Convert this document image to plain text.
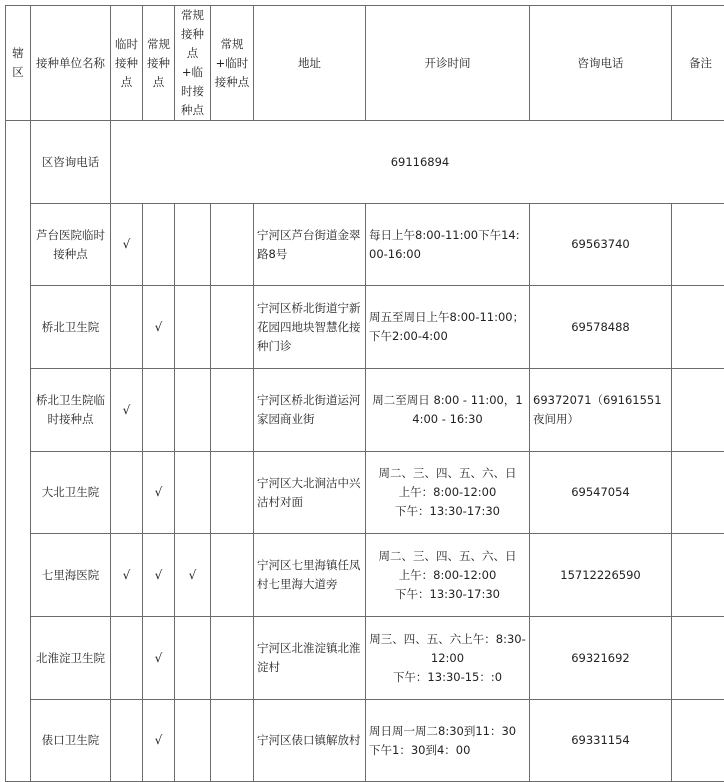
辖区	接种单位名称	临时接种点	常规接种点	常规接种点+临时接种点	常规+临时接种点	地址	开诊时间	咨询电话	备注
	区咨询电话	69116894							
	芦台医院临时接种点	√				宁河区芦台街道金翠路8号	每日上午8:00-11:00下午14:00-16:00	69563740	
	桥北卫生院		√			宁河区桥北街道宁新花园四地块智慧化接种门诊	周五至周日上午8:00-11:00；下午2:00-4:00	69578488	
	桥北卫生院临时接种点	√				宁河区桥北街道运河家园商业街	周二至周日 8:00 - 11:00，14:00 - 16:30	69372071（69161551夜间用）	
	大北卫生院		√			宁河区大北涧沽中兴沽村对面	周二、三、四、五、六、日
上午：8:00-12:00
下午：13:30-17:30	69547054	
	七里海医院	√	√	√		宁河区七里海镇任凤村七里海大道旁	周二、三、四、五、六、日
上午：8:00-12:00
下午：13:30-17:30	15712226590	
	北淮淀卫生院		√			宁河区北淮淀镇北淮淀村	周三、四、五、六上午：8:30-12:00
下午：13:30-15：:0	69321692	
	俵口卫生院		√			宁河区俵口镇解放村	周日周一周二8:30到11：30下午1：30到4：00	69331154	
